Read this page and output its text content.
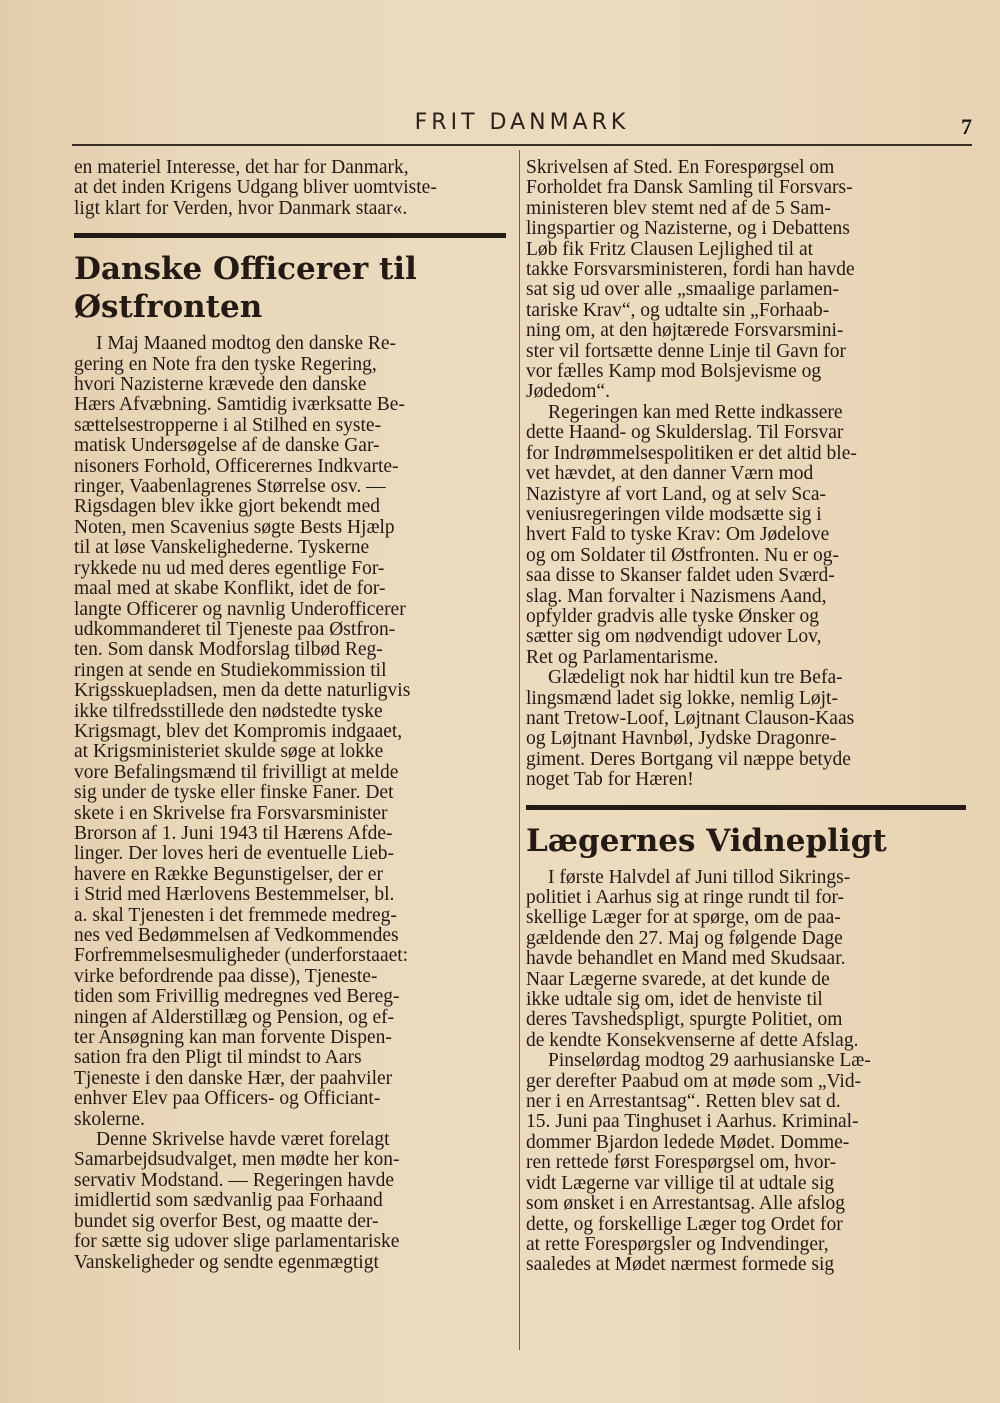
FRIT DANMARK	7
en materiel Interesse, det har for Danmark,
at det inden Krigens Udgang bliver uomtviste-
ligt klart for Verden, hvor Danmark staar«.
Danske Officerer til
Østfronten
I Maj Maaned modtog den danske Re-
gering en Note fra den tyske Regering,
hvori Nazisterne krævede den danske
Hærs Afvæbning. Samtidig iværksatte Be-
sættelsestropperne i al Stilhed en syste-
matisk Undersøgelse af de danske Gar-
nisoners Forhold, Officerernes Indkvarte-
ringer, Vaabenlagrenes Størrelse osv. —
Rigsdagen blev ikke gjort bekendt med
Noten, men Scavenius søgte Bests Hjælp
til at løse Vanskelighederne. Tyskerne
rykkede nu ud med deres egentlige For-
maal med at skabe Konflikt, idet de for-
langte Officerer og navnlig Underofficerer
udkommanderet til Tjeneste paa Østfron-
ten. Som dansk Modforslag tilbød Reg-
ringen at sende en Studiekommission til
Krigsskuepladsen, men da dette naturligvis
ikke tilfredsstillede den nødstedte tyske
Krigsmagt, blev det Kompromis indgaaet,
at Krigsministeriet skulde søge at lokke
vore Befalingsmænd til frivilligt at melde
sig under de tyske eller finske Faner. Det
skete i en Skrivelse fra Forsvarsminister
Brorson af 1. Juni 1943 til Hærens Afde-
linger. Der loves heri de eventuelle Lieb-
havere en Række Begunstigelser, der er
i Strid med Hærlovens Bestemmelser, bl.
a. skal Tjenesten i det fremmede medreg-
nes ved Bedømmelsen af Vedkommendes
Forfremmelsesmuligheder (underforstaaet:
virke befordrende paa disse), Tjeneste-
tiden som Frivillig medregnes ved Bereg-
ningen af Alderstillæg og Pension, og ef-
ter Ansøgning kan man forvente Dispen-
sation fra den Pligt til mindst to Aars
Tjeneste i den danske Hær, der paahviler
enhver Elev paa Officers- og Officiant-
skolerne.
Denne Skrivelse havde været forelagt
Samarbejdsudvalget, men mødte her kon-
servativ Modstand. — Regeringen havde
imidlertid som sædvanlig paa Forhaand
bundet sig overfor Best, og maatte der-
for sætte sig udover slige parlamentariske
Vanskeligheder og sendte egenmægtigt
Skrivelsen af Sted. En Forespørgsel om
Forholdet fra Dansk Samling til Forsvars-
ministeren blev stemt ned af de 5 Sam-
lingspartier og Nazisterne, og i Debattens
Løb fik Fritz Clausen Lejlighed til at
takke Forsvarsministeren, fordi han havde
sat sig ud over alle „smaalige parlamen-
tariske Krav“, og udtalte sin „Forhaab-
ning om, at den højtærede Forsvarsmini-
ster vil fortsætte denne Linje til Gavn for
vor fælles Kamp mod Bolsjevisme og
Jødedom“.
Regeringen kan med Rette indkassere
dette Haand- og Skulderslag. Til Forsvar
for Indrømmelsespolitiken er det altid ble-
vet hævdet, at den danner Værn mod
Nazistyre af vort Land, og at selv Sca-
veniusregeringen vilde modsætte sig i
hvert Fald to tyske Krav: Om Jødelove
og om Soldater til Østfronten. Nu er og-
saa disse to Skanser faldet uden Sværd-
slag. Man forvalter i Nazismens Aand,
opfylder gradvis alle tyske Ønsker og
sætter sig om nødvendigt udover Lov,
Ret og Parlamentarisme.
Glædeligt nok har hidtil kun tre Befa-
lingsmænd ladet sig lokke, nemlig Løjt-
nant Tretow-Loof, Løjtnant Clauson-Kaas
og Løjtnant Havnbøl, Jydske Dragonre-
giment. Deres Bortgang vil næppe betyde
noget Tab for Hæren!
Lægernes Vidnepligt
I første Halvdel af Juni tillod Sikrings-
politiet i Aarhus sig at ringe rundt til for-
skellige Læger for at spørge, om de paa-
gældende den 27. Maj og følgende Dage
havde behandlet en Mand med Skudsaar.
Naar Lægerne svarede, at det kunde de
ikke udtale sig om, idet de henviste til
deres Tavshedspligt, spurgte Politiet, om
de kendte Konsekvenserne af dette Afslag.
Pinselørdag modtog 29 aarhusianske Læ-
ger derefter Paabud om at møde som „Vid-
ner i en Arrestantsag“. Retten blev sat d.
15. Juni paa Tinghuset i Aarhus. Kriminal-
dommer Bjardon ledede Mødet. Dommе-
ren rettede først Forespørgsel om, hvor-
vidt Lægerne var villige til at udtale sig
som ønsket i en Arrestantsag. Alle afslog
dette, og forskellige Læger tog Ordet for
at rette Forespørgsler og Indvendinger,
saaledes at Mødet nærmest formede sig
